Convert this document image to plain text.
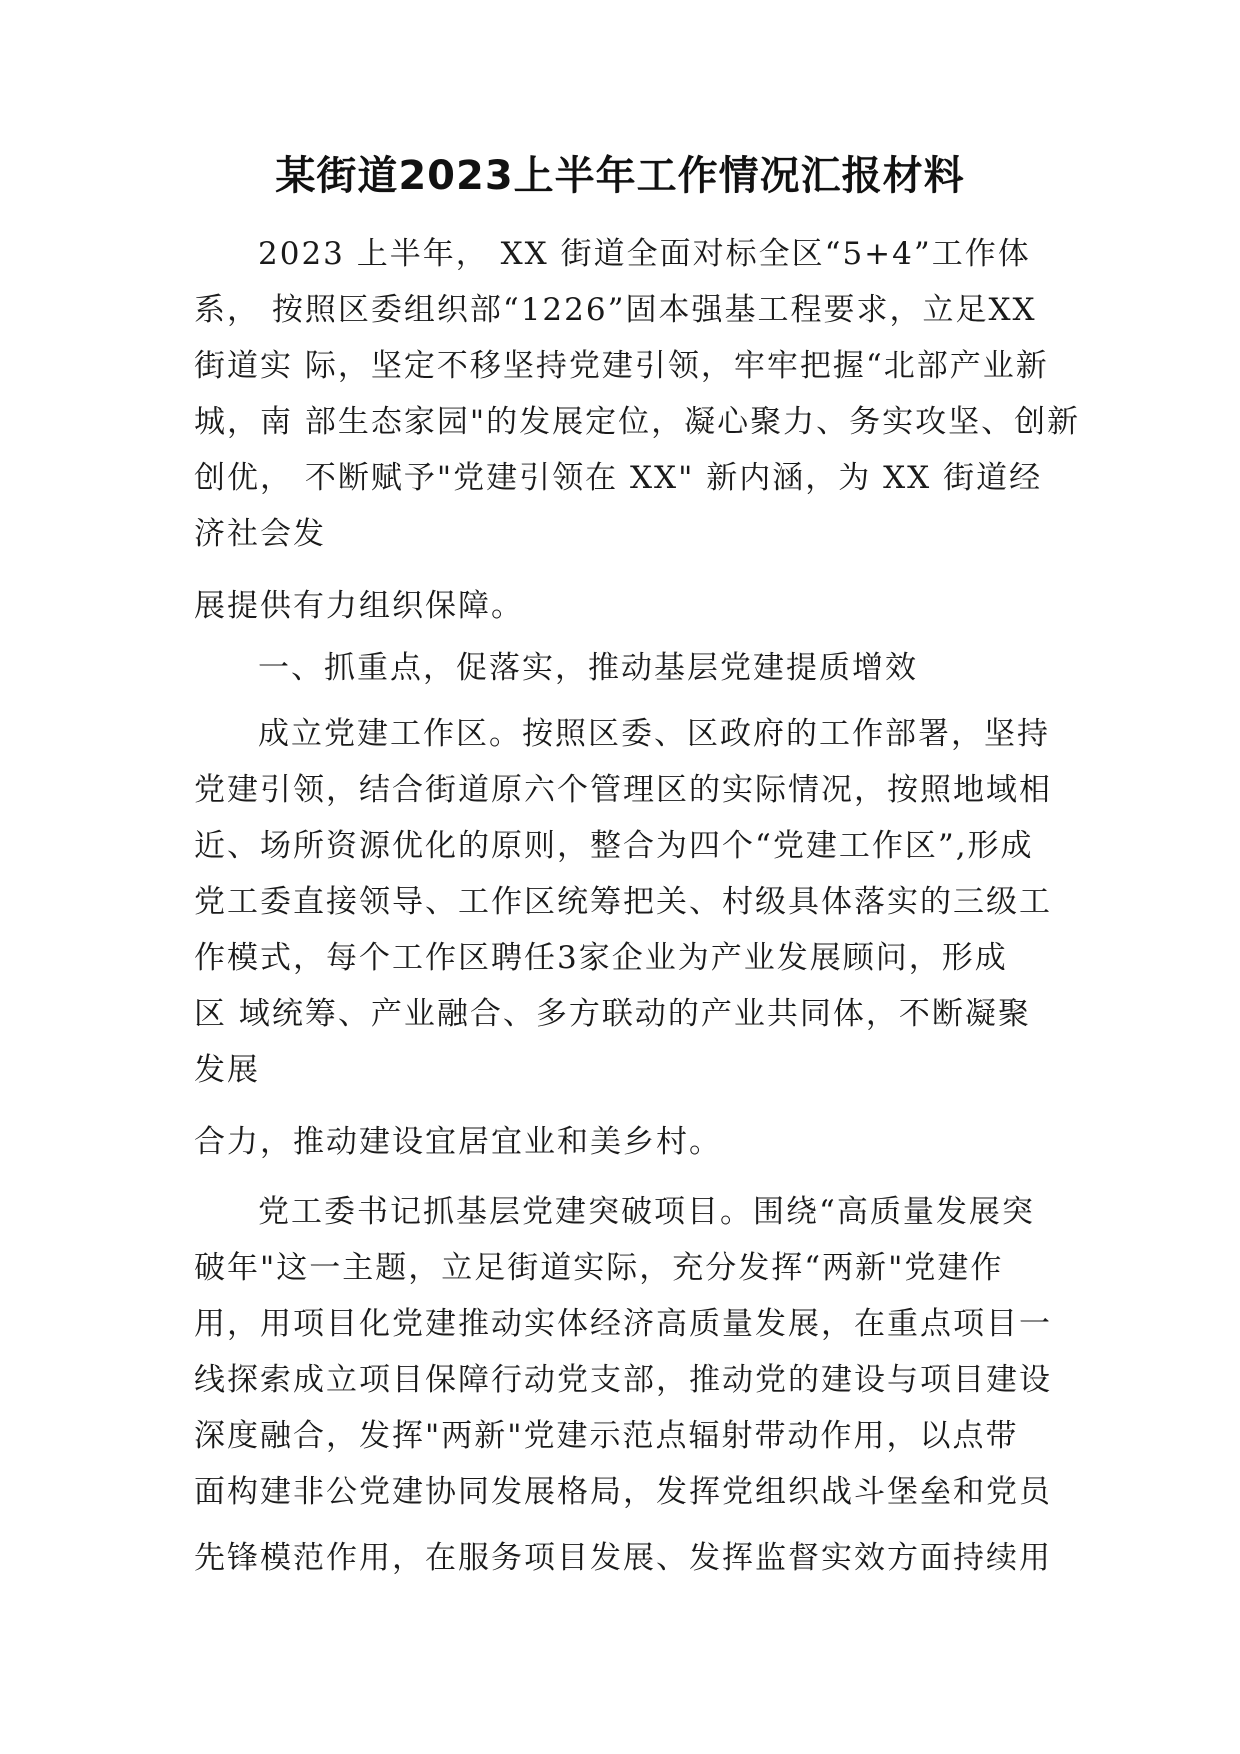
某街道2023上半年工作情况汇报材料
2023 上半年， XX 街道全面对标全区“5+4”工作体
系， 按照区委组织部“1226”固本强基工程要求，立足XX
街道实 际，坚定不移坚持党建引领，牢牢把握“北部产业新
城，南 部生态家园"的发展定位，凝心聚力、务实攻坚、创新
创优， 不断赋予"党建引领在 XX" 新内涵，为 XX 街道经
济社会发
展提供有力组织保障。
一、抓重点，促落实，推动基层党建提质增效
成立党建工作区。按照区委、区政府的工作部署，坚持
党建引领，结合街道原六个管理区的实际情况，按照地域相
近、场所资源优化的原则，整合为四个“党建工作区”,形成
党工委直接领导、工作区统筹把关、村级具体落实的三级工
作模式，每个工作区聘任3家企业为产业发展顾问，形成
区 域统筹、产业融合、多方联动的产业共同体，不断凝聚
发展
合力，推动建设宜居宜业和美乡村。
党工委书记抓基层党建突破项目。围绕“高质量发展突
破年"这一主题，立足街道实际，充分发挥“两新"党建作
用，用项目化党建推动实体经济高质量发展，在重点项目一
线探索成立项目保障行动党支部，推动党的建设与项目建设
深度融合，发挥"两新"党建示范点辐射带动作用，以点带
面构建非公党建协同发展格局，发挥党组织战斗堡垒和党员
先锋模范作用，在服务项目发展、发挥监督实效方面持续用
